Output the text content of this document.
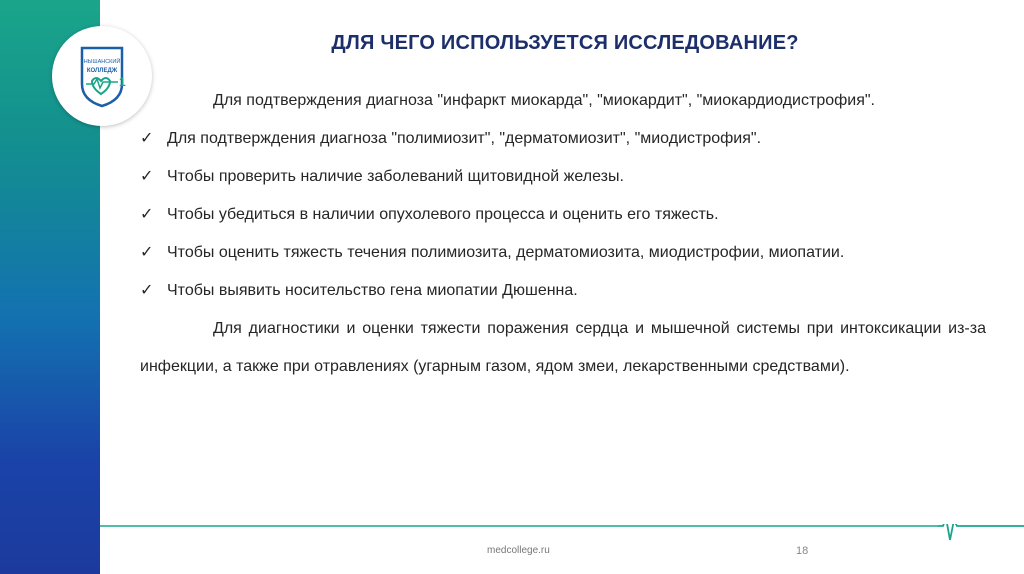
НЫШАНСКИЙ
КОЛЛЕДЖ
1
ДЛЯ ЧЕГО ИСПОЛЬЗУЕТСЯ ИССЛЕДОВАНИЕ?
Для подтверждения диагноза "инфаркт миокарда", "миокардит", "миокардиодистрофия".
✓ Для подтверждения диагноза "полимиозит", "дерматомиозит", "миодистрофия".
✓ Чтобы проверить наличие заболеваний щитовидной железы.
✓ Чтобы убедиться в наличии опухолевого процесса и оценить его тяжесть.
✓ Чтобы оценить тяжесть течения полимиозита, дерматомиозита, миодистрофии, миопатии.
✓ Чтобы выявить носительство гена миопатии Дюшенна.
Для диагностики и оценки тяжести поражения сердца и мышечной системы при интоксикации из-за инфекции, а также при отравлениях (угарным газом, ядом змеи, лекарственными средствами).
medcollege.ru	18
